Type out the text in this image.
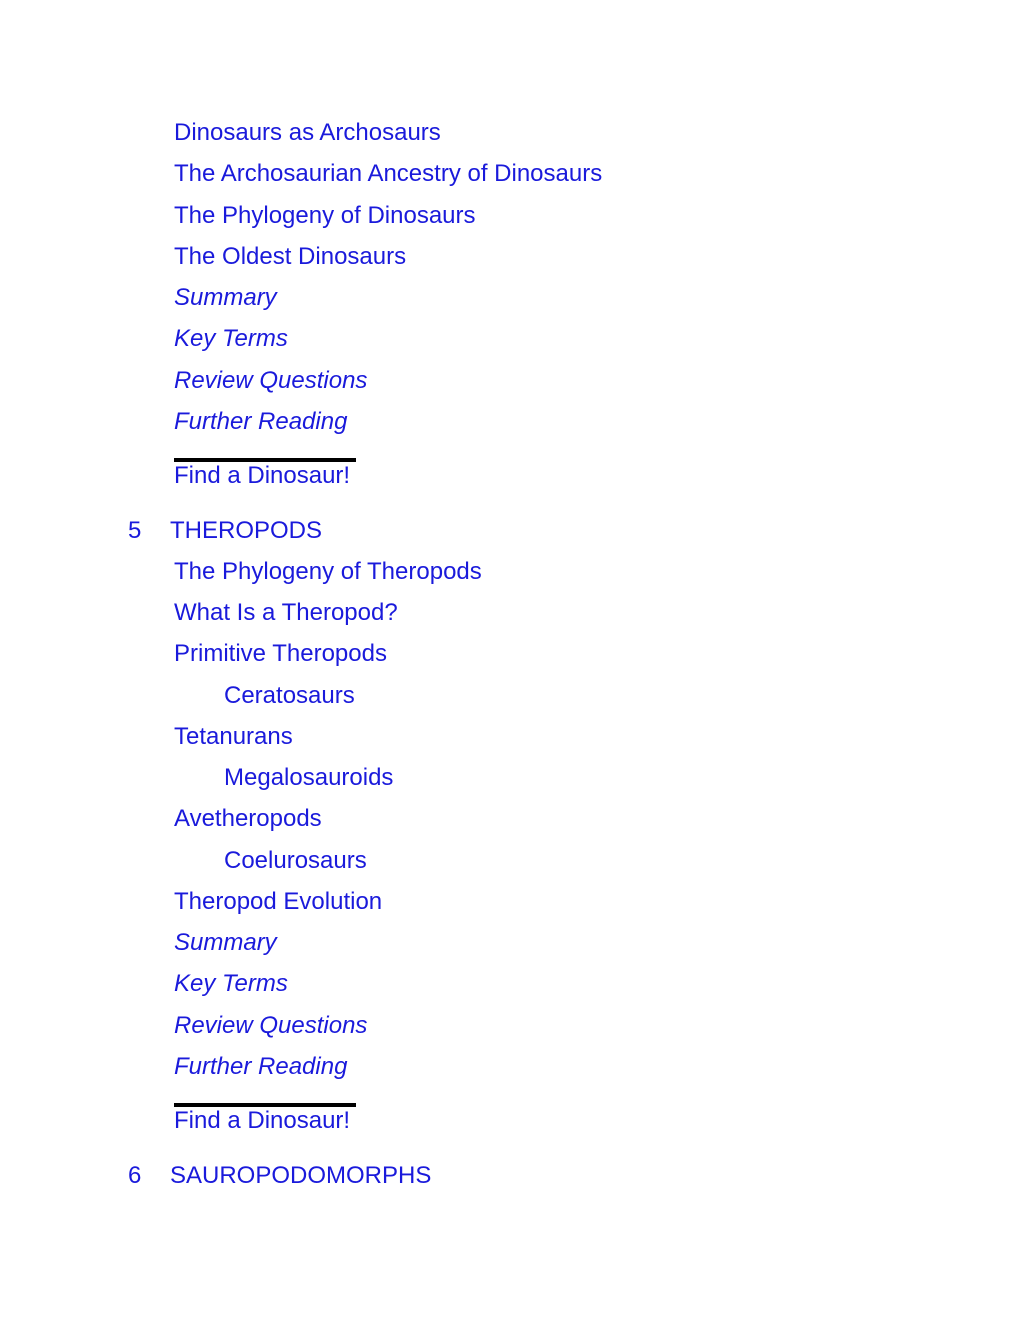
Dinosaurs as Archosaurs
The Archosaurian Ancestry of Dinosaurs
The Phylogeny of Dinosaurs
The Oldest Dinosaurs
Summary
Key Terms
Review Questions
Further Reading
Find a Dinosaur!
5 THEROPODS
The Phylogeny of Theropods
What Is a Theropod?
Primitive Theropods
Ceratosaurs
Tetanurans
Megalosauroids
Avetheropods
Coelurosaurs
Theropod Evolution
Summary
Key Terms
Review Questions
Further Reading
Find a Dinosaur!
6 SAUROPODOMORPHS
